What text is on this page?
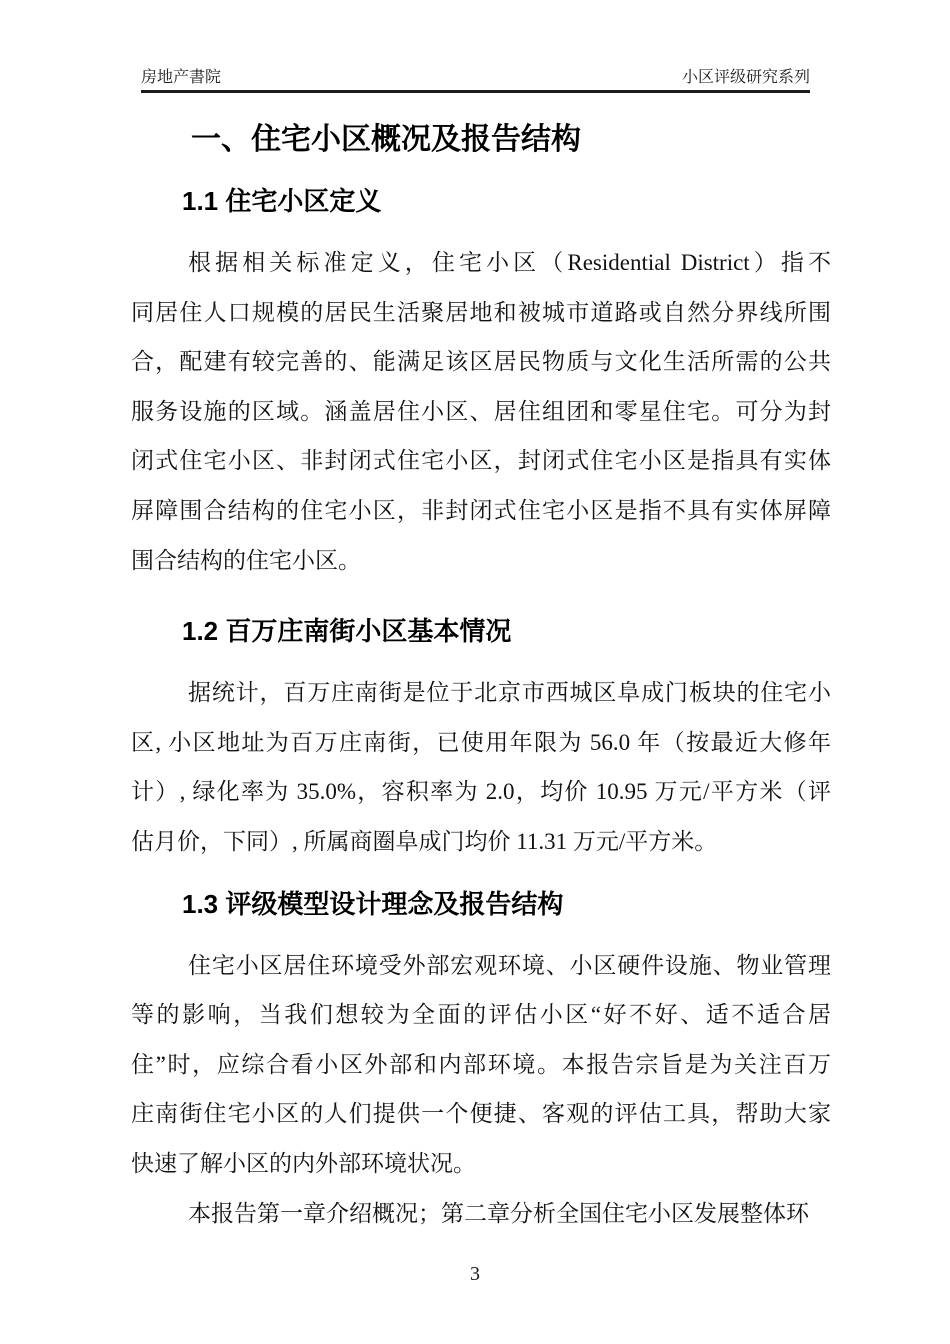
房地产書院	小区评级研究系列
一、住宅小区概况及报告结构
1.1 住宅小区定义
根据相关标准定义，住宅小区（Residential District）指不
同居住人口规模的居民生活聚居地和被城市道路或自然分界线所围
合，配建有较完善的、能满足该区居民物质与文化生活所需的公共
服务设施的区域。涵盖居住小区、居住组团和零星住宅。可分为封
闭式住宅小区、非封闭式住宅小区，封闭式住宅小区是指具有实体
屏障围合结构的住宅小区，非封闭式住宅小区是指不具有实体屏障
围合结构的住宅小区。
1.2 百万庄南街小区基本情况
据统计，百万庄南街是位于北京市西城区阜成门板块的住宅小
区, 小区地址为百万庄南街，已使用年限为 56.0 年（按最近大修年
计）, 绿化率为 35.0%，容积率为 2.0，均价 10.95 万元/平方米（评
估月价，下同）, 所属商圈阜成门均价 11.31 万元/平方米。
1.3 评级模型设计理念及报告结构
住宅小区居住环境受外部宏观环境、小区硬件设施、物业管理
等的影响，当我们想较为全面的评估小区“好不好、适不适合居
住”时，应综合看小区外部和内部环境。本报告宗旨是为关注百万
庄南街住宅小区的人们提供一个便捷、客观的评估工具，帮助大家
快速了解小区的内外部环境状况。
本报告第一章介绍概况；第二章分析全国住宅小区发展整体环
3
